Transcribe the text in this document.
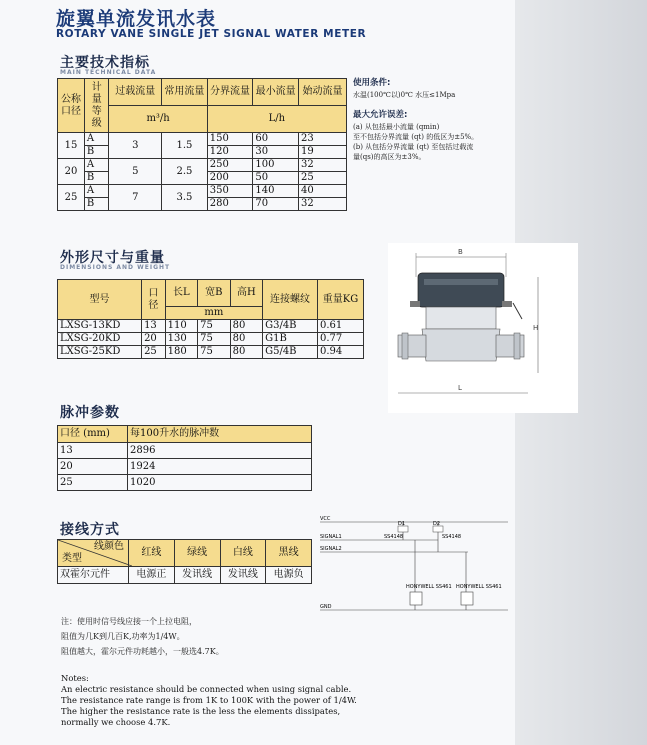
旋翼单流发讯水表
ROTARY VANE SINGLE JET SIGNAL WATER METER
主要技术指标
MAIN TECHNICAL DATA
公称口径	计量等级	过载流量	常用流量	分界流量	最小流量	始动流量
		m³/h		L/h		

15	A	3	1.5	150	60	23
	B			120	30	19
20	A	5	2.5	250	100	32
	B			200	50	25
25	A	7	3.5	350	140	40
	B			280	70	32
使用条件:
水温(100℃以)0℃ 水压≤1Mpa
最大允许误差:
(a) 从包括最小流量 (qmin)
至不包括分界流量 (qt) 的低区为±5%。
(b) 从包括分界流量 (qt) 至包括过载流
量(qs)的高区为±3%。
外形尺寸与重量
DIMENSIONS AND WEIGHT
型号	口径	长L	宽B	高H	连接螺纹	重量KG
		mm				
LXSG-13KD	13	110	75	80	G3/4B	0.61
LXSG-20KD	20	130	75	80	G1B	0.77
LXSG-25KD	25	180	75	80	G5/4B	0.94
B
H
L
脉冲参数
口径 (mm)	每100升水的脉冲数
13	2896
20	1924
25	1020
接线方式
线颜色
类型	红线	绿线	白线	黑线
双霍尔元件	电源正	发讯线	发讯线	电源负
VCC
SIGNAL1
SIGNAL2
GND
D1	D2
SS4148	SS4148
HONYWELL SS461 HONYWELL SS461
注：使用时信号线应接一个上拉电阻，
阻值为几K到几百K,功率为1/4W。
阻值越大，霍尔元件功耗越小，一般选4.7K。
Notes:
An electric resistance should be connected when using signal cable.
The resistance rate range is from 1K to 100K with the power of 1/4W.
The higher the resistance rate is the less the elements dissipates,
normally we choose 4.7K.
